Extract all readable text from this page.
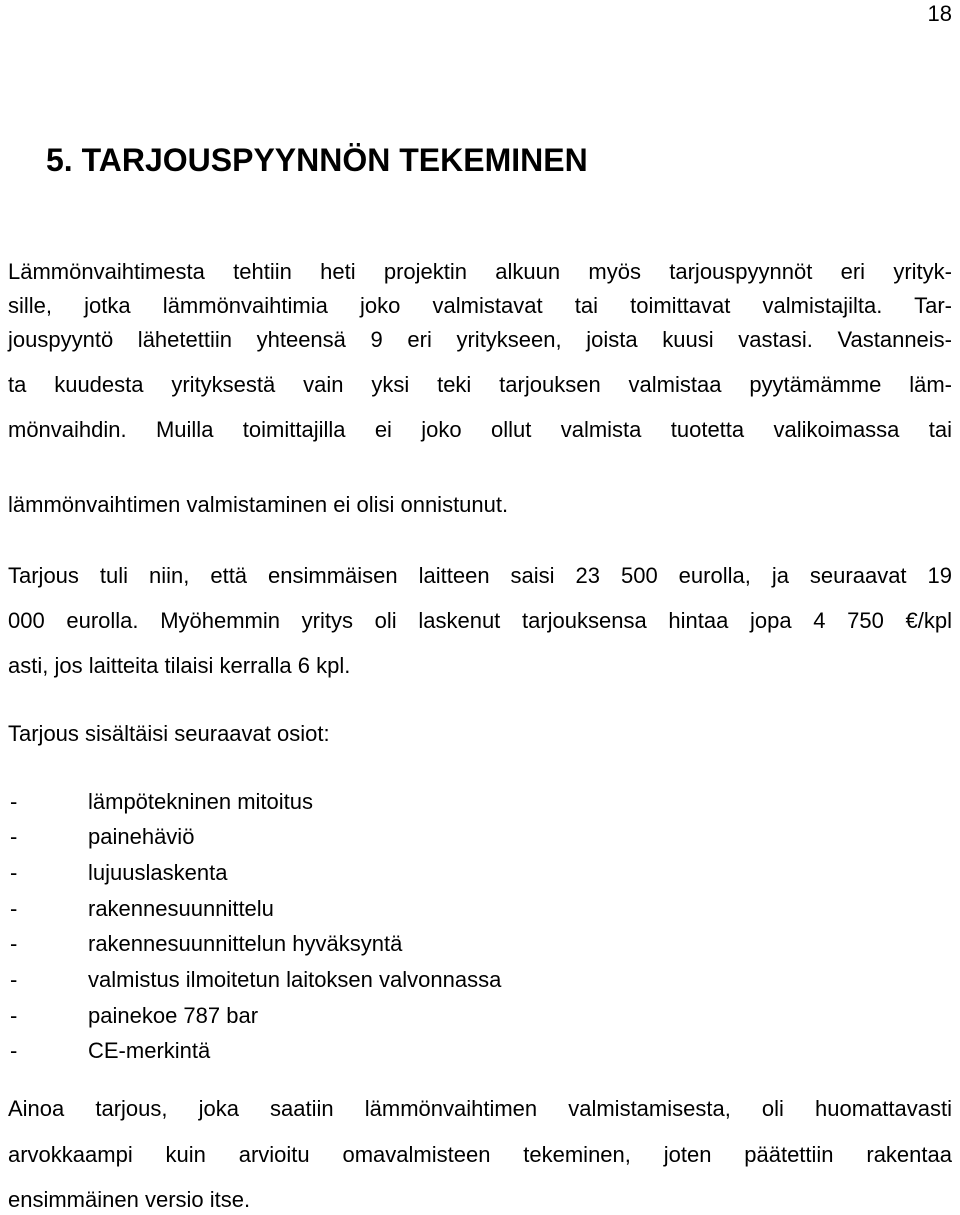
18
5. TARJOUSPYYNNÖN TEKEMINEN
Lämmönvaihtimesta tehtiin heti projektin alkuun myös tarjouspyynnöt eri yrityk-
sille, jotka lämmönvaihtimia joko valmistavat tai toimittavat valmistajilta. Tar-
jouspyyntö lähetettiin yhteensä 9 eri yritykseen, joista kuusi vastasi. Vastanneis-
ta kuudesta yrityksestä vain yksi teki tarjouksen valmistaa pyytämämme läm-
mönvaihdin. Muilla toimittajilla ei joko ollut valmista tuotetta valikoimassa tai
lämmönvaihtimen valmistaminen ei olisi onnistunut.
Tarjous tuli niin, että ensimmäisen laitteen saisi 23 500 eurolla, ja seuraavat 19
000 eurolla. Myöhemmin yritys oli laskenut tarjouksensa hintaa jopa 4 750 €/kpl
asti, jos laitteita tilaisi kerralla 6 kpl.
Tarjous sisältäisi seuraavat osiot:
-	lämpötekninen mitoitus
-	painehäviö
-	lujuuslaskenta
-	rakennesuunnittelu
-	rakennesuunnittelun hyväksyntä
-	valmistus ilmoitetun laitoksen valvonnassa
-	painekoe 787 bar
-	CE-merkintä
Ainoa tarjous, joka saatiin lämmönvaihtimen valmistamisesta, oli huomattavasti
arvokkaampi kuin arvioitu omavalmisteen tekeminen, joten päätettiin rakentaa
ensimmäinen versio itse.
